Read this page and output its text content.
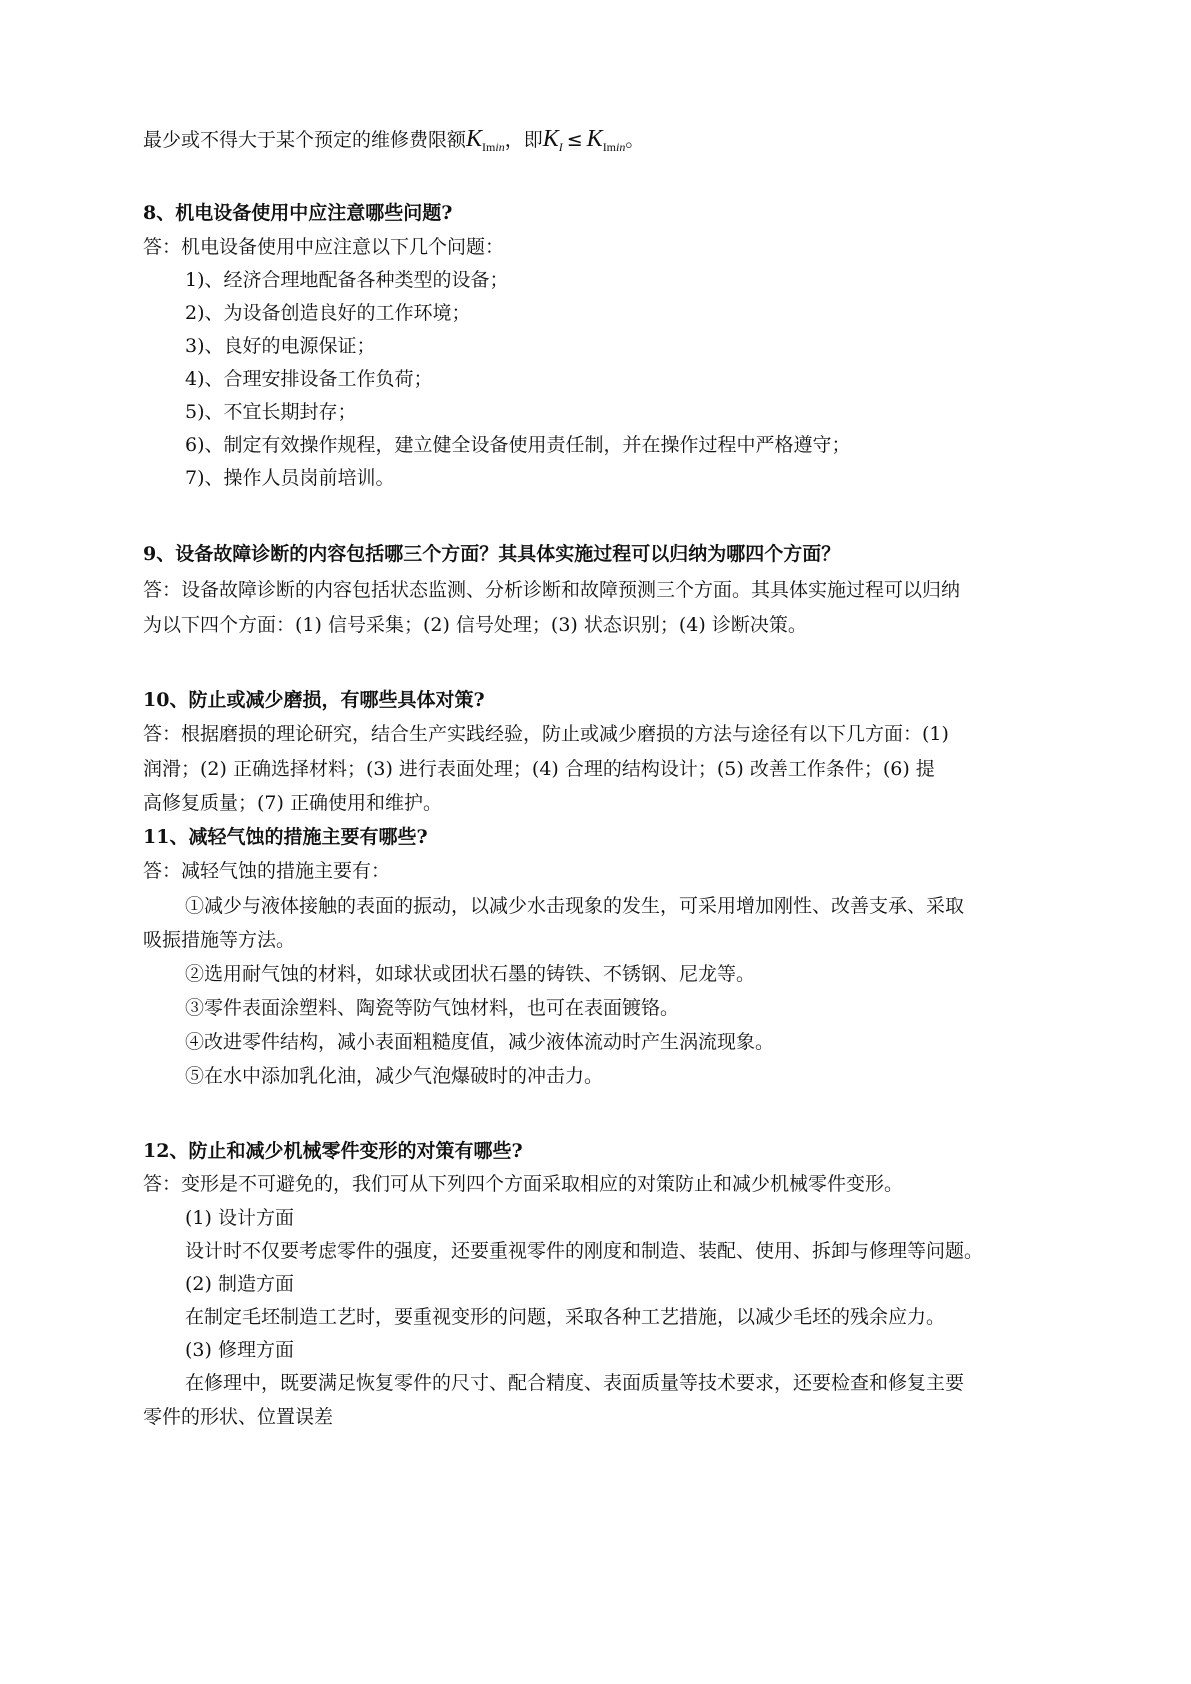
最少或不得大于某个预定的维修费限额$K_{Imin}$，即$K_I \le K_{Imin}$。
8、机电设备使用中应注意哪些问题?
答：机电设备使用中应注意以下几个问题：
1)、经济合理地配备各种类型的设备；
2)、为设备创造良好的工作环境；
3)、良好的电源保证；
4)、合理安排设备工作负荷；
5)、不宜长期封存；
6)、制定有效操作规程，建立健全设备使用责任制，并在操作过程中严格遵守；
7)、操作人员岗前培训。
9、设备故障诊断的内容包括哪三个方面？其具体实施过程可以归纳为哪四个方面？
答：设备故障诊断的内容包括状态监测、分析诊断和故障预测三个方面。其具体实施过程可以归纳
为以下四个方面：(1) 信号采集；(2) 信号处理；(3) 状态识别；(4) 诊断决策。
10、防止或减少磨损，有哪些具体对策?
答：根据磨损的理论研究，结合生产实践经验，防止或减少磨损的方法与途径有以下几方面：(1)
润滑；(2) 正确选择材料；(3) 进行表面处理；(4) 合理的结构设计；(5) 改善工作条件；(6) 提
高修复质量；(7) 正确使用和维护。
11、减轻气蚀的措施主要有哪些?
答：减轻气蚀的措施主要有：
①减少与液体接触的表面的振动，以减少水击现象的发生，可采用增加刚性、改善支承、采取
吸振措施等方法。
②选用耐气蚀的材料，如球状或团状石墨的铸铁、不锈钢、尼龙等。
③零件表面涂塑料、陶瓷等防气蚀材料，也可在表面镀铬。
④改进零件结构，减小表面粗糙度值，减少液体流动时产生涡流现象。
⑤在水中添加乳化油，减少气泡爆破时的冲击力。
12、防止和减少机械零件变形的对策有哪些?
答：变形是不可避免的，我们可从下列四个方面采取相应的对策防止和减少机械零件变形。
(1) 设计方面
设计时不仅要考虑零件的强度，还要重视零件的刚度和制造、装配、使用、拆卸与修理等问题。
(2) 制造方面
在制定毛坯制造工艺时，要重视变形的问题，采取各种工艺措施，以减少毛坯的残余应力。
(3) 修理方面
在修理中，既要满足恢复零件的尺寸、配合精度、表面质量等技术要求，还要检查和修复主要
零件的形状、位置误差
